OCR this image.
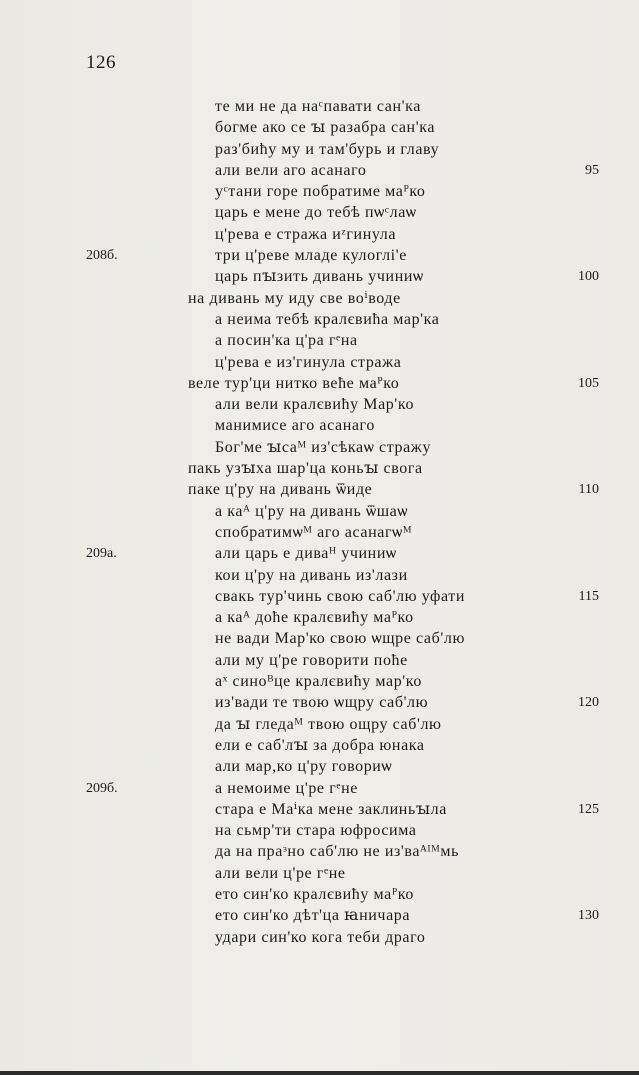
126
те ми не да наᶜпавати сан'ка
богме ако се ꙑ разабра сан'ка
раз'бићу му и там'бурь и главу
али вели аго асанаго	95
уᶜтани горе побратиме маᴾко
царь е мене до тебѣ пѡᶜлаѡ
ц'рева е стража иᶻгинула
208б.	три ц'реве младе кулоглі'е
царь пꙑзить дивань учиниѡ	100
на дивань му иду све воⁱводе
а неима тебѣ кралєвиħа мар'ка
а посин'ка ц'ра гᵉна
ц'рева е из'гинула стража
веле тур'ци нитко веħе маᴾко	105
али вели кралєвиħу Мар'ко
манимисе аго асанаго
Бог'ме ꙑсаᴹ из'сѣкаѡ стражу
пакь узꙑха шар'ца коньꙑ свога
паке ц'ру на дивань ѿиде	110
а каᴬ ц'ру на дивань ѿшаѡ
спобратимѡᴹ аго асанагѡᴹ
209а.	али царь е диваᴴ учиниѡ
кои ц'ру на дивань из'лази
свакь тур'чинь свою саб'лю уфати	115
а каᴬ доħе кралєвиħу маᴾко
не вади Мар'ко свою ѡщре саб'лю
али му ц'ре говорити поħе
аˣ синоᴮце кралєвиħу мар'ко
из'вади те твою ѡщру саб'лю	120
да ꙑ гледаᴹ твою ощру саб'лю
ели е саб'лꙑ за добра юнака
али мар,ко ц'ру говориѡ
209б.	а немоиме ц'ре гᵉне
стара е Маⁱка мене заклиньꙑла	125
на сьмр'ти стара юфросима
да на праᵌно саб'лю не из'ваᴬᴵᴹмь
али вели ц'ре гᵉне
ето син'ко кралєвиħу маᴾко
ето син'ко дѣт'ца ꙗничара	130
удари син'ко кога теби драго
